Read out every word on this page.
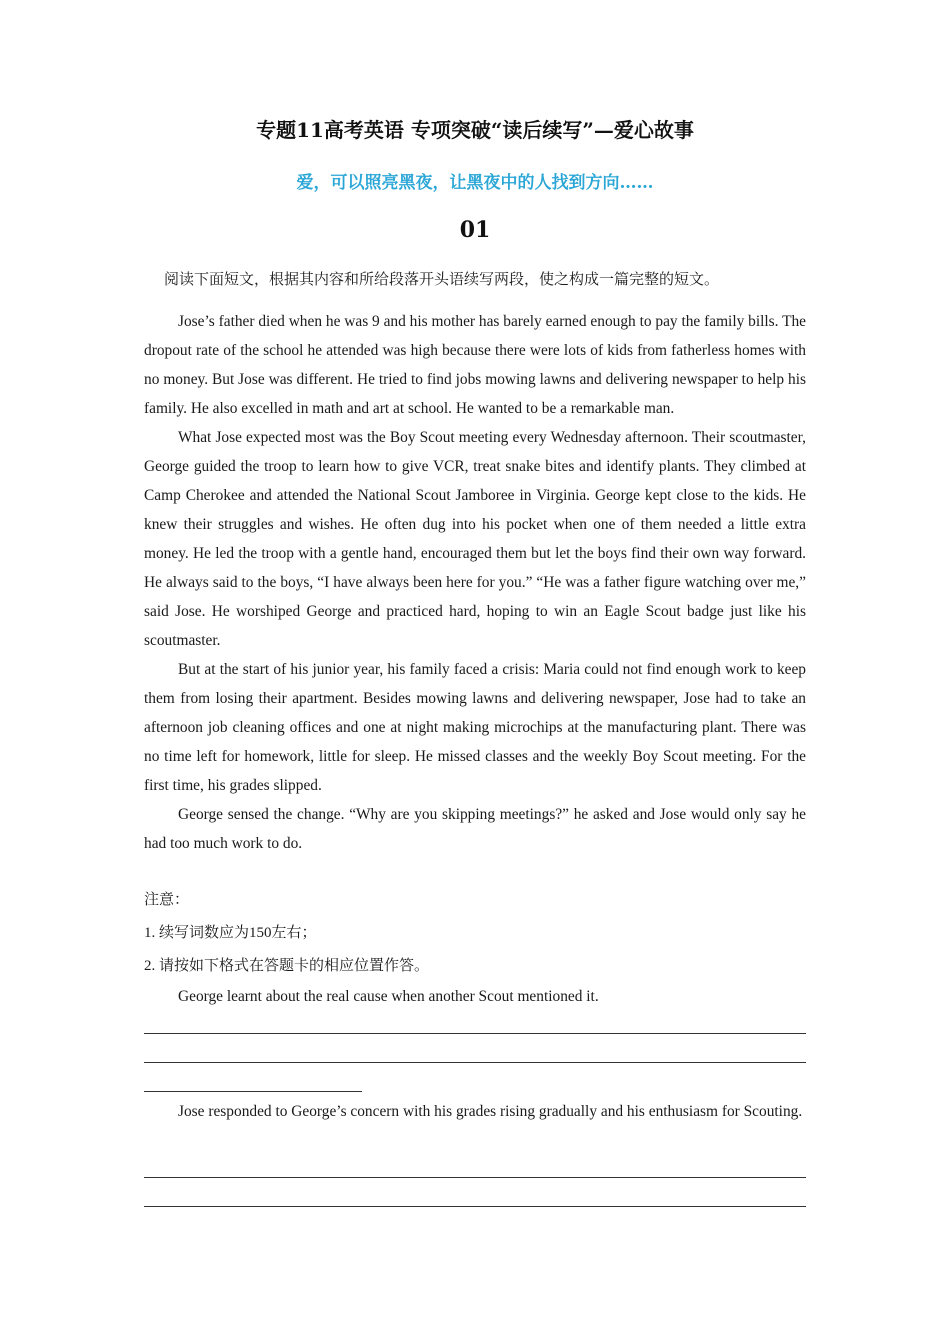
专题11高考英语 专项突破“读后续写”—爱心故事
爱，可以照亮黑夜，让黑夜中的人找到方向……
01
阅读下面短文，根据其内容和所给段落开头语续写两段，使之构成一篇完整的短文。

Jose’s father died when he was 9 and his mother has barely earned enough to pay the family bills. The dropout rate of the school he attended was high because there were lots of kids from fatherless homes with no money. But Jose was different. He tried to find jobs mowing lawns and delivering newspaper to help his family. He also excelled in math and art at school. He wanted to be a remarkable man.

What Jose expected most was the Boy Scout meeting every Wednesday afternoon. Their scoutmaster, George guided the troop to learn how to give VCR, treat snake bites and identify plants. They climbed at Camp Cherokee and attended the National Scout Jamboree in Virginia. George kept close to the kids. He knew their struggles and wishes. He often dug into his pocket when one of them needed a little extra money. He led the troop with a gentle hand, encouraged them but let the boys find their own way forward. He always said to the boys, “I have always been here for you.” “He was a father figure watching over me,” said Jose. He worshiped George and practiced hard, hoping to win an Eagle Scout badge just like his scoutmaster.

But at the start of his junior year, his family faced a crisis: Maria could not find enough work to keep them from losing their apartment. Besides mowing lawns and delivering newspaper, Jose had to take an afternoon job cleaning offices and one at night making microchips at the manufacturing plant. There was no time left for homework, little for sleep. He missed classes and the weekly Boy Scout meeting. For the first time, his grades slipped.

George sensed the change. “Why are you skipping meetings?” he asked and Jose would only say he had too much work to do.

注意：
1. 续写词数应为150左右；
2. 请按如下格式在答题卡的相应位置作答。
George learnt about the real cause when another Scout mentioned it.
Jose responded to George’s concern with his grades rising gradually and his enthusiasm for Scouting.
